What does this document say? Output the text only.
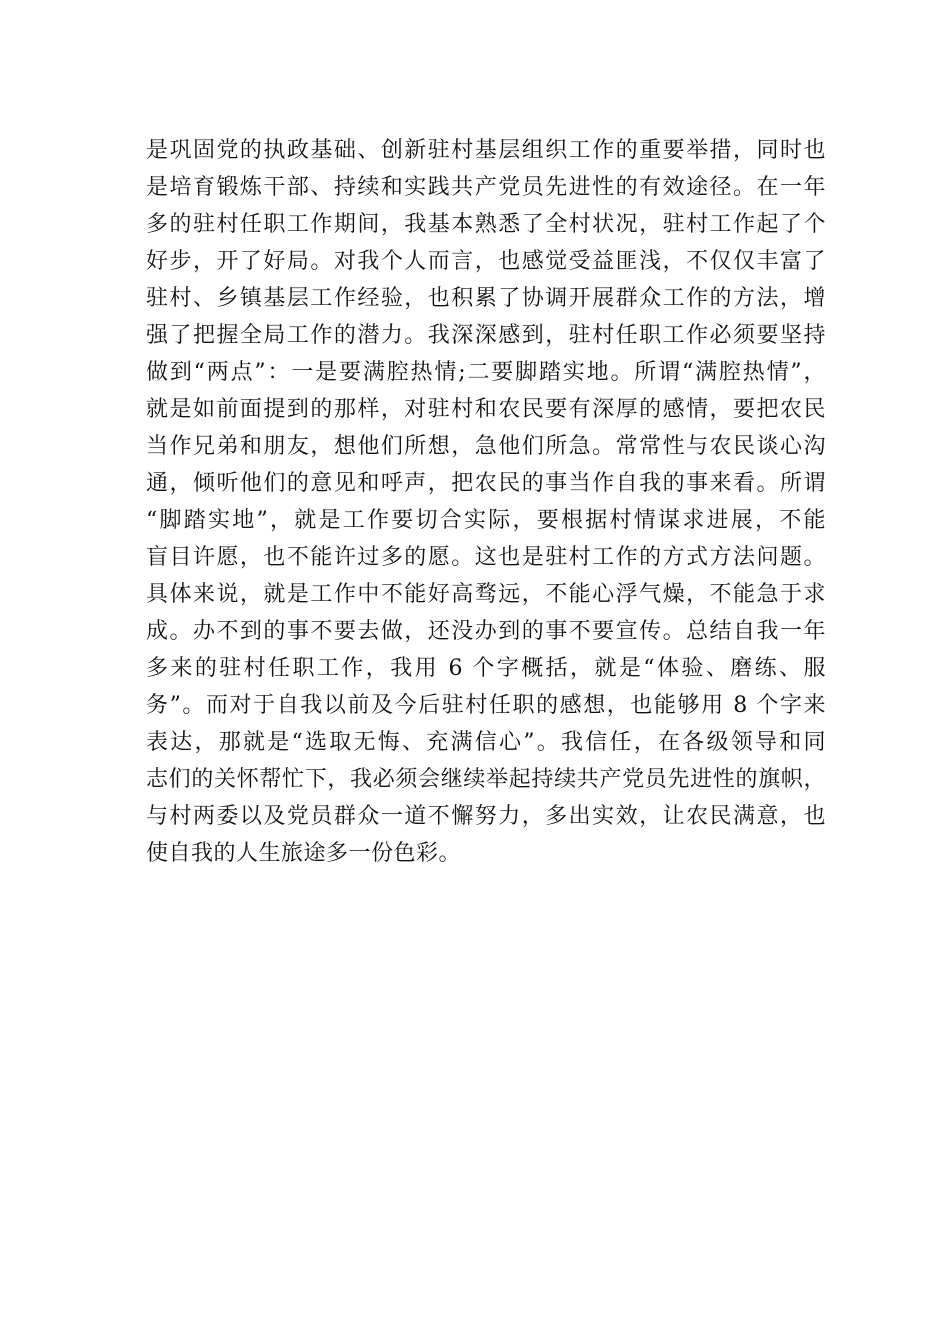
是巩固党的执政基础、创新驻村基层组织工作的重要举措，同时也
是培育锻炼干部、持续和实践共产党员先进性的有效途径。在一年
多的驻村任职工作期间，我基本熟悉了全村状况，驻村工作起了个
好步，开了好局。对我个人而言，也感觉受益匪浅，不仅仅丰富了
驻村、乡镇基层工作经验，也积累了协调开展群众工作的方法，增
强了把握全局工作的潜力。我深深感到，驻村任职工作必须要坚持
做到“两点”：一是要满腔热情;二要脚踏实地。所谓“满腔热情”，
就是如前面提到的那样，对驻村和农民要有深厚的感情，要把农民
当作兄弟和朋友，想他们所想，急他们所急。常常性与农民谈心沟
通，倾听他们的意见和呼声，把农民的事当作自我的事来看。所谓
“脚踏实地”，就是工作要切合实际，要根据村情谋求进展，不能
盲目许愿，也不能许过多的愿。这也是驻村工作的方式方法问题。
具体来说，就是工作中不能好高骛远，不能心浮气燥，不能急于求
成。办不到的事不要去做，还没办到的事不要宣传。总结自我一年
多来的驻村任职工作，我用 6 个字概括，就是“体验、磨练、服
务”。而对于自我以前及今后驻村任职的感想，也能够用 8 个字来
表达，那就是“选取无悔、充满信心”。我信任，在各级领导和同
志们的关怀帮忙下，我必须会继续举起持续共产党员先进性的旗帜，
与村两委以及党员群众一道不懈努力，多出实效，让农民满意，也
使自我的人生旅途多一份色彩。
